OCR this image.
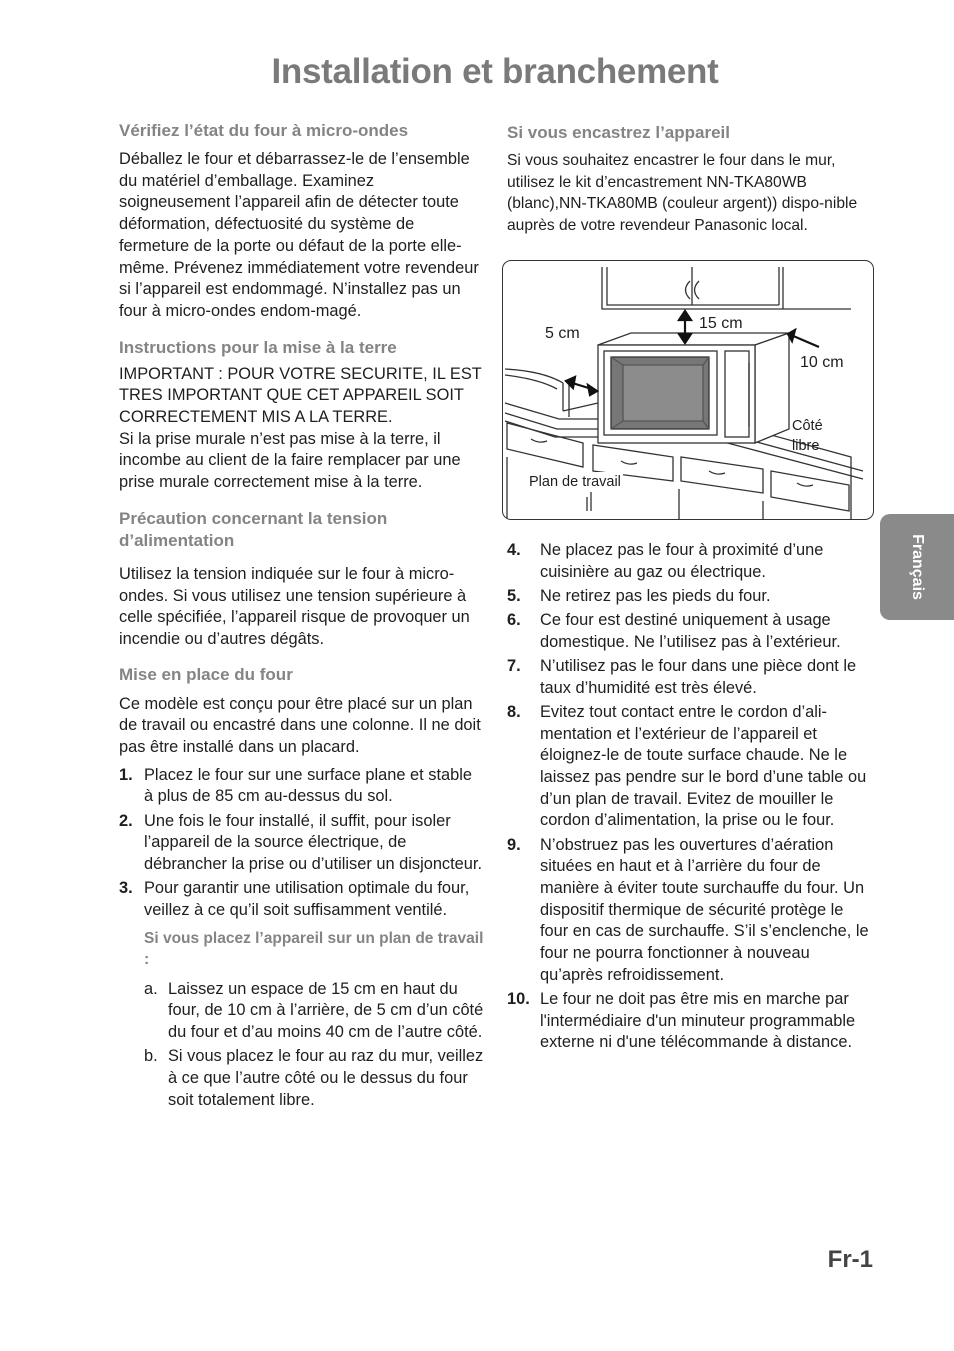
Installation et branchement
Vérifiez l’état du four à micro-ondes

Déballez le four et débarrassez-le de l’ensemble du matériel d’emballage. Examinez soigneusement l’appareil afin de détecter toute déformation, défectuosité du système de fermeture de la porte ou défaut de la porte elle-même. Prévenez immédiatement votre revendeur si l’appareil est endommagé. N’installez pas un four à micro-ondes endom-magé.

Instructions pour la mise à la terre

IMPORTANT : POUR VOTRE SECURITE, IL EST TRES IMPORTANT QUE CET APPAREIL SOIT CORRECTEMENT MIS A LA TERRE.

Si la prise murale n’est pas mise à la terre, il incombe au client de la faire remplacer par une prise murale correctement mise à la terre.

Précaution concernant la tension d’alimentation

Utilisez la tension indiquée sur le four à micro-ondes. Si vous utilisez une tension supérieure à celle spécifiée, l’appareil risque de provoquer un incendie ou d’autres dégâts.

Mise en place du four

Ce modèle est conçu pour être placé sur un plan de travail ou encastré dans une colonne. Il ne doit pas être installé dans un placard.

1. Placez le four sur une surface plane et stable à plus de 85 cm au-dessus du sol.
2. Une fois le four installé, il suffit, pour isoler l’appareil de la source électrique, de débrancher la prise ou d’utiliser un disjoncteur.
3. Pour garantir une utilisation optimale du four, veillez à ce qu’il soit suffisamment ventilé.
Si vous placez l’appareil sur un plan de travail :
a. Laissez un espace de 15 cm en haut du four, de 10 cm à l’arrière, de 5 cm d’un côté du four et d’au moins 40 cm de l’autre côté.
b. Si vous placez le four au raz du mur, veillez à ce que l’autre côté ou le dessus du four soit totalement libre.
Si vous encastrez l’appareil

Si vous souhaitez encastrer le four dans le mur, utilisez le kit d’encastrement NN-TKA80WB (blanc),NN-TKA80MB (couleur argent)) dispo-nible auprès de votre revendeur Panasonic local.

5 cm
15 cm
10 cm
Côté
libre
Plan de travail
4. Ne placez pas le four à proximité d’une cuisinière au gaz ou électrique.
5. Ne retirez pas les pieds du four.
6. Ce four est destiné uniquement à usage domestique. Ne l’utilisez pas à l’extérieur.
7. N’utilisez pas le four dans une pièce dont le taux d’humidité est très élevé.
8. Evitez tout contact entre le cordon d’ali-mentation et l’extérieur de l’appareil et éloignez-le de toute surface chaude. Ne le laissez pas pendre sur le bord d’une table ou d’un plan de travail. Evitez de mouiller le cordon d’alimentation, la prise ou le four.
9. N’obstruez pas les ouvertures d’aération situées en haut et à l’arrière du four de manière à éviter toute surchauffe du four. Un dispositif thermique de sécurité protège le four en cas de surchauffe. S’il s’enclenche, le four ne pourra fonctionner à nouveau qu’après refroidissement.
10. Le four ne doit pas être mis en marche par l'intermédiaire d'un minuteur programmable externe ni d'une télécommande à distance.
Français
Fr-1
